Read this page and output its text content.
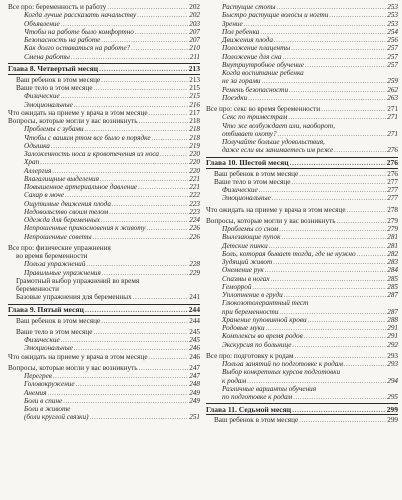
Все про: беременность и работу .....	202
Когда лучше рассказать начальству .....	202
Объявление .....	203
Чтобы на работе было комфортно .....	207
Безопасность на работе .....	207
Как долго оставаться на работе? .....	210
Смена работы .....	211
Глава 8. Четвертый месяц .....	213
Ваш ребенок в этом месяце .....	213
Ваше тело в этом месяце .....	215
Физические .....	215
Эмоциональные .....	216
Что ожидать на приеме у врача в этом месяце .....	217
Вопросы, которые могли у вас возникнуть .....	218
Проблемы с зубами .....	218
Чтобы с вашим ртом все было в порядке .....	218
Одышка .....	219
Заложенность носа и кровотечения из носа .....	220
Храп .....	220
Аллергия .....	220
Влагалищные выделения .....	221
Повышенное артериальное давление .....	221
Сахар в моче .....	222
Ощутимые движения плода .....	223
Недовольство своим телом .....	223
Одежда для беременных .....	224
Непрошенные прикосновения к животу .....	226
Непрошенные советы .....	226
Все про: физические упражнения
во время беременности
Польза упражнений .....	228
Правильные упражнения .....	229
Грамотный выбор упражнений во время
беременности
Базовые упражнения для беременных .....	241
Глава 9. Пятый месяц .....	244
Ваш ребенок в этом месяце .....	244
Ваше тело в этом месяце .....	245
Физические .....	245
Эмоциональные .....	246
Что ожидать на приеме у врача в этом месяце .....	246
Вопросы, которые могли у вас возникнуть .....	247
Перегрев .....	247
Головокружение .....	248
Анемия .....	249
Боли в спине .....	249
Боли в животе
(боли круглой связки) .....	251
Растущие стопы .....	253
Быстро растущие волосы и ногти .....	253
Зрение .....	253
Пол ребенка .....	254
Движения плода .....	256
Положение плаценты .....	257
Положение для сна .....	257
Внутриутробное обучение .....	257
Когда воспитание ребенка
не за горами .....	259
Ремень безопасности .....	262
Поездки .....	263
Все про: секс во время беременности .....	271
Секс по триместрам .....	271
Что же возбуждает или, наоборот,
отбивает охоту? .....	271
Получайте больше удовольствия,
даже если вы занимаетесь им реже .....	276
Глава 10. Шестой месяц .....	276
Ваш ребенок в этом месяце .....	276
Ваше тело в этом месяце .....	277
Физические .....	277
Эмоциональные .....	277
Что ожидать на приеме у врача в этом месяце .....	278
Вопросы, которые могли у вас возникнуть .....	279
Проблемы со сном .....	279
Вылезающие пупок .....	281
Детские пинки .....	281
Боль, которая бывает тогда, где не нужно .....	282
Зудящий живот .....	283
Онемение рук .....	284
Спазмы в ногах .....	285
Геморрой .....	285
Уплотнение в груди .....	287
Глюкозотолерантный тест
при беременности .....	287
Хранение пуповинной крови .....	288
Родовые муки .....	291
Комплексы во время родов .....	291
Экскурсия по больнице .....	292
Все про: подготовку к родам .....	293
Польза занятий по подготовке к родам .....	293
Выбор конкретных курсов подготовки
к родам .....	294
Различные варианты обучения
по подготовке к родам .....	295
Глава 11. Седьмой месяц .....	299
Ваш ребенок в этом месяце .....	299
